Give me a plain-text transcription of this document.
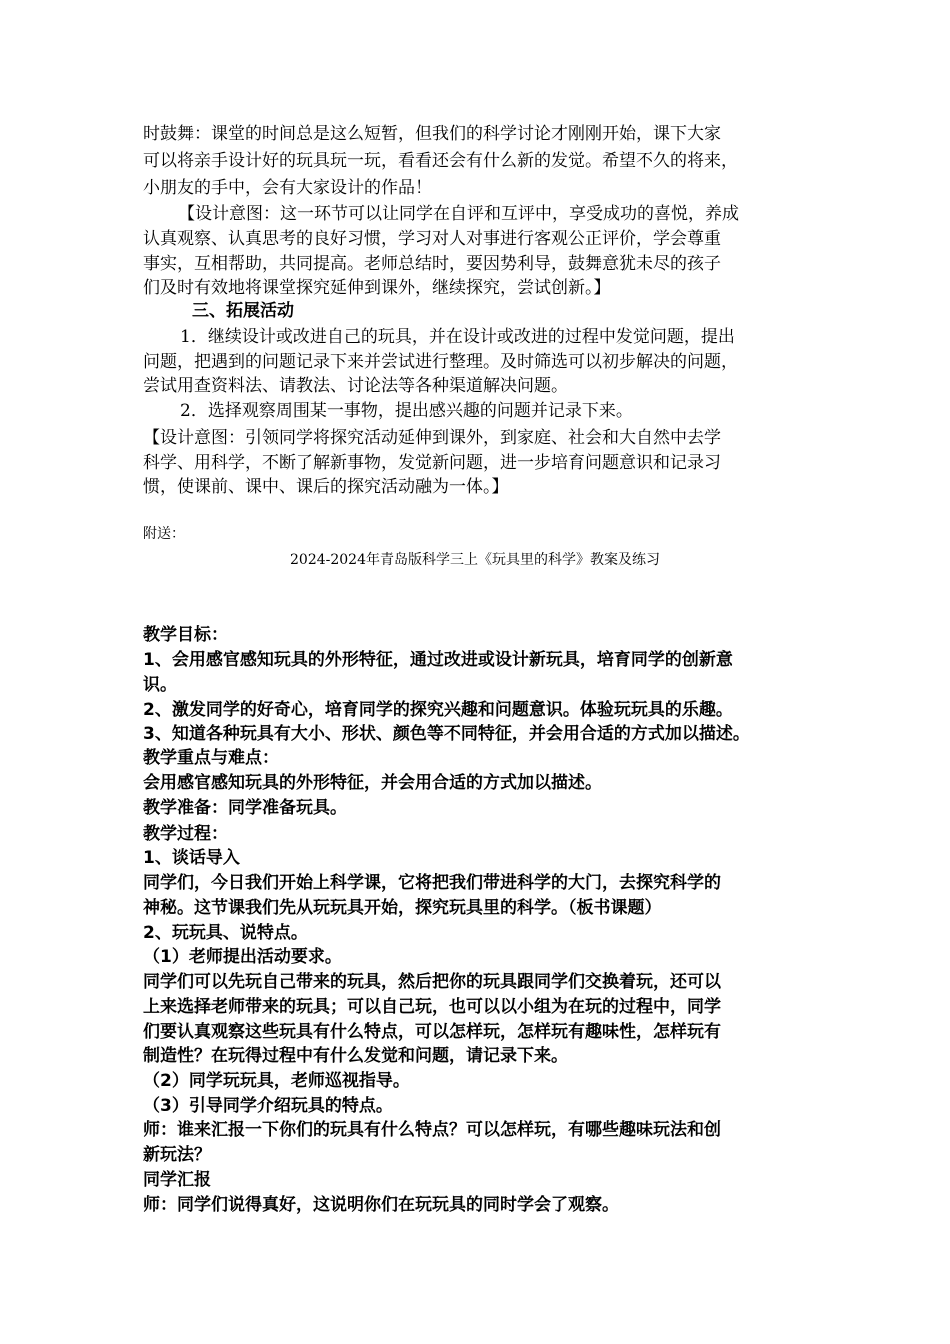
时鼓舞：课堂的时间总是这么短暂，但我们的科学讨论才刚刚开始，课下大家
可以将亲手设计好的玩具玩一玩，看看还会有什么新的发觉。希望不久的将来，
小朋友的手中，会有大家设计的作品！
【设计意图：这一环节可以让同学在自评和互评中，享受成功的喜悦，养成
认真观察、认真思考的良好习惯，学习对人对事进行客观公正评价，学会尊重
事实，互相帮助，共同提高。老师总结时，要因势利导，鼓舞意犹未尽的孩子
们及时有效地将课堂探究延伸到课外，继续探究，尝试创新。】
三、拓展活动
1．继续设计或改进自己的玩具，并在设计或改进的过程中发觉问题，提出
问题，把遇到的问题记录下来并尝试进行整理。及时筛选可以初步解决的问题，
尝试用查资料法、请教法、讨论法等各种渠道解决问题。
2．选择观察周围某一事物，提出感兴趣的问题并记录下来。
【设计意图：引领同学将探究活动延伸到课外，到家庭、社会和大自然中去学
科学、用科学，不断了解新事物，发觉新问题，进一步培育问题意识和记录习
惯，使课前、课中、课后的探究活动融为一体。】
附送：
2024-2024年青岛版科学三上《玩具里的科学》教案及练习
教学目标：
1、会用感官感知玩具的外形特征，通过改进或设计新玩具，培育同学的创新意
识。
2、激发同学的好奇心，培育同学的探究兴趣和问题意识。体验玩玩具的乐趣。
3、知道各种玩具有大小、形状、颜色等不同特征，并会用合适的方式加以描述。
教学重点与难点：
会用感官感知玩具的外形特征，并会用合适的方式加以描述。
教学准备：同学准备玩具。
教学过程：
1、谈话导入
同学们，今日我们开始上科学课，它将把我们带进科学的大门，去探究科学的
神秘。这节课我们先从玩玩具开始，探究玩具里的科学。（板书课题）
2、玩玩具、说特点。
（1）老师提出活动要求。
同学们可以先玩自己带来的玩具，然后把你的玩具跟同学们交换着玩，还可以
上来选择老师带来的玩具；可以自己玩，也可以以小组为在玩的过程中，同学
们要认真观察这些玩具有什么特点，可以怎样玩，怎样玩有趣味性，怎样玩有
制造性？在玩得过程中有什么发觉和问题，请记录下来。
（2）同学玩玩具，老师巡视指导。
（3）引导同学介绍玩具的特点。
师：谁来汇报一下你们的玩具有什么特点？可以怎样玩，有哪些趣味玩法和创
新玩法？
同学汇报
师：同学们说得真好，这说明你们在玩玩具的同时学会了观察。
